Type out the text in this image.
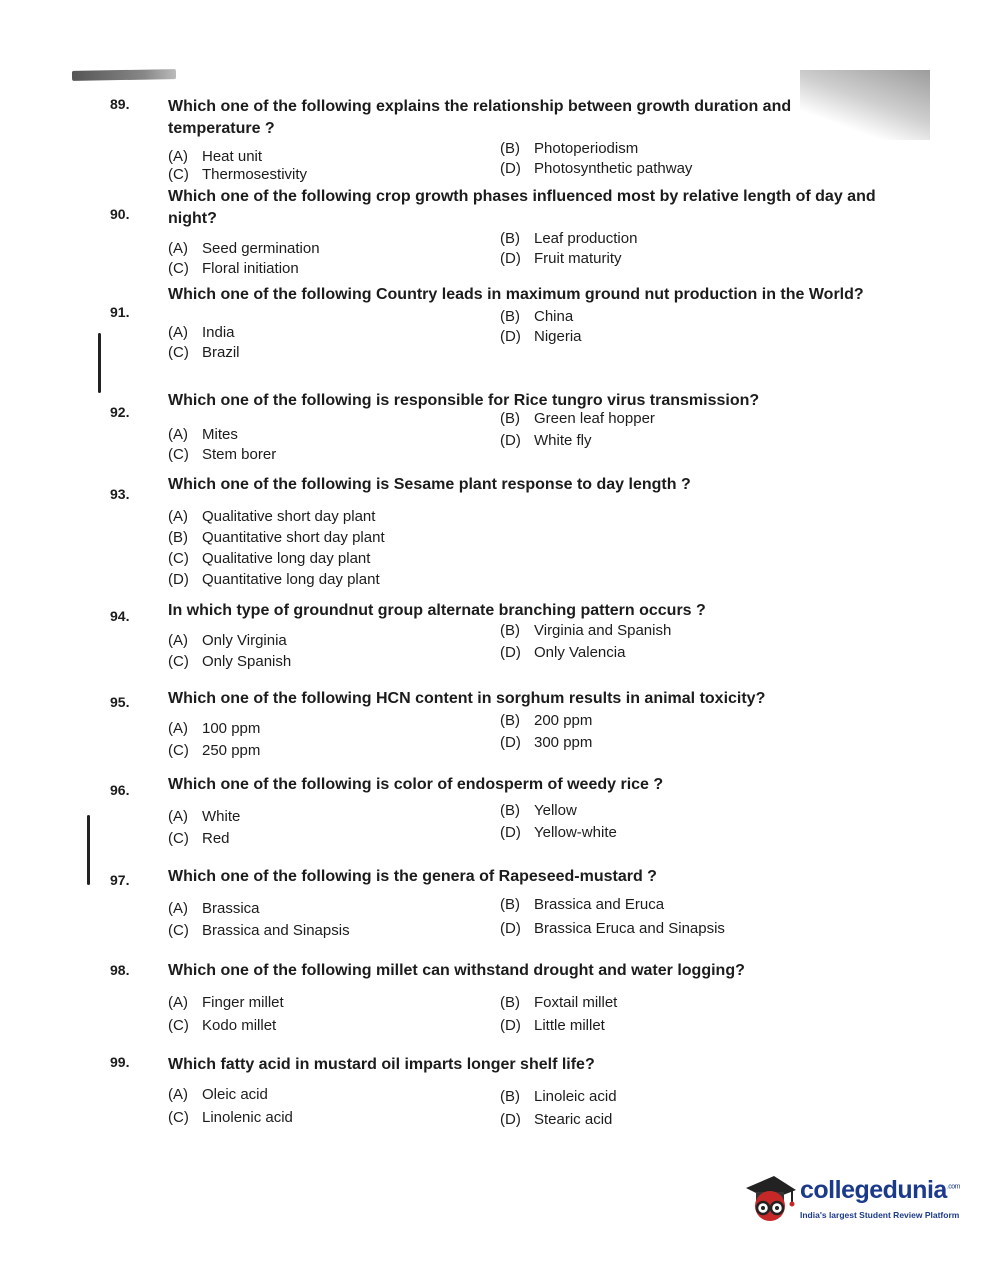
89.	Which one of the following explains the relationship between growth duration and temperature ?
(A) Heat unit	(B) Photoperiodism
(C) Thermosestivity	(D) Photosynthetic pathway
90.
Which one of the following crop growth phases influenced most by relative length of day and night?
(A) Seed germination
(B) Leaf production
(C) Floral initiation
(D) Fruit maturity
91.
Which one of the following Country leads in maximum ground nut production in the World?
(A) India
(B) China
(C) Brazil
(D) Nigeria
92.
Which one of the following is responsible for Rice tungro virus transmission?
(A) Mites
(B) Green leaf hopper
(C) Stem borer
(D) White fly
93.
Which one of the following is Sesame plant response to day length ?
(A) Qualitative short day plant
(B) Quantitative short day plant
(C) Qualitative long day plant
(D) Quantitative long day plant
94.	In which type of groundnut group alternate branching pattern occurs ?
(A) Only Virginia
(B) Virginia and Spanish
(C) Only Spanish
(D) Only Valencia
95.	Which one of the following HCN content in sorghum results in animal toxicity?
(A) 100 ppm	(B) 200 ppm
(C) 250 ppm	(D) 300 ppm
96.	Which one of the following is color of endosperm of weedy rice ?
(A) White	(B) Yellow
(C) Red	(D) Yellow-white
97.	Which one of the following is the genera of Rapeseed-mustard ?
(A) Brassica	(B) Brassica and Eruca
(C) Brassica and Sinapsis	(D) Brassica Eruca and Sinapsis
98.	Which one of the following millet can withstand drought and water logging?
(A) Finger millet	(B) Foxtail millet
(C) Kodo millet	(D) Little millet
99.	Which fatty acid in mustard oil imparts longer shelf life?
(A) Oleic acid	(B) Linoleic acid
(C) Linolenic acid	(D) Stearic acid
collegedunia$^{.com}$
India's largest Student Review Platform
